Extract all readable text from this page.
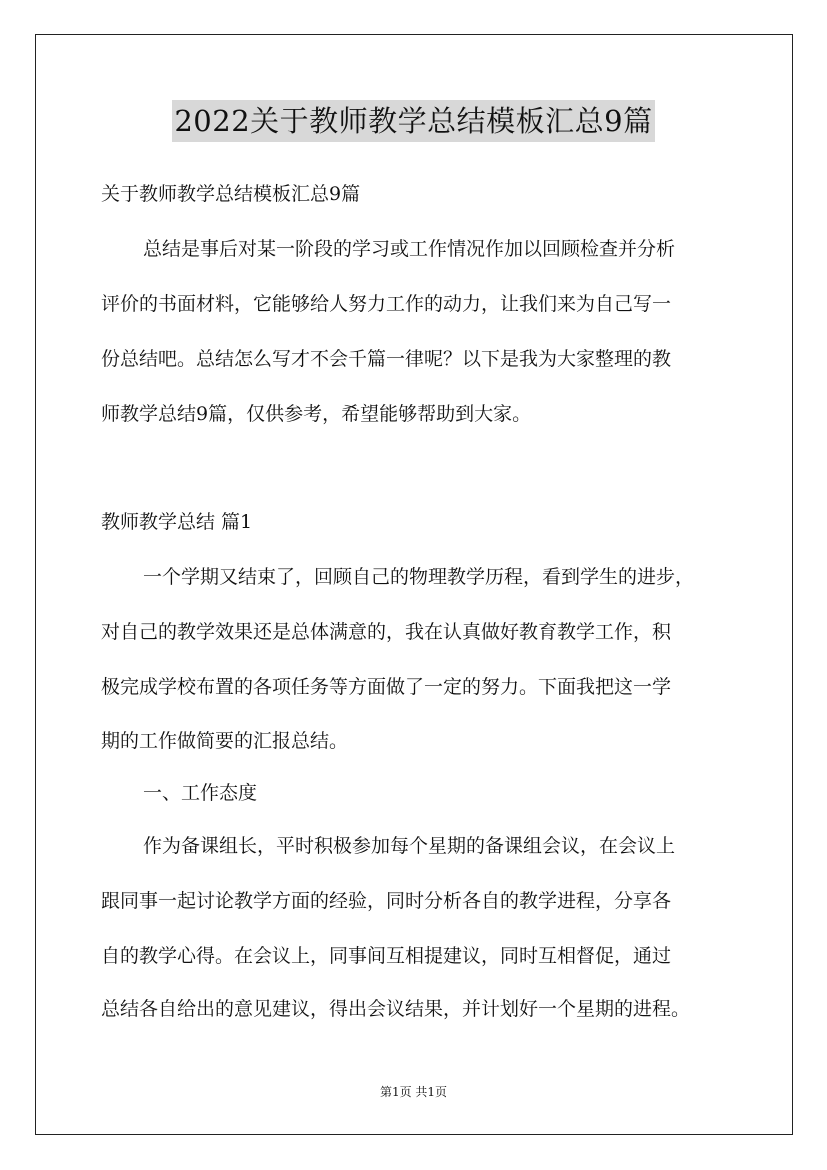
2022关于教师教学总结模板汇总9篇
关于教师教学总结模板汇总9篇
总结是事后对某一阶段的学习或工作情况作加以回顾检查并分析
评价的书面材料，它能够给人努力工作的动力，让我们来为自己写一
份总结吧。总结怎么写才不会千篇一律呢？以下是我为大家整理的教
师教学总结9篇，仅供参考，希望能够帮助到大家。
教师教学总结 篇1
一个学期又结束了，回顾自己的物理教学历程，看到学生的进步，
对自己的教学效果还是总体满意的，我在认真做好教育教学工作，积
极完成学校布置的各项任务等方面做了一定的努力。下面我把这一学
期的工作做简要的汇报总结。
一、工作态度
作为备课组长，平时积极参加每个星期的备课组会议，在会议上
跟同事一起讨论教学方面的经验，同时分析各自的教学进程，分享各
自的教学心得。在会议上，同事间互相提建议，同时互相督促，通过
总结各自给出的意见建议，得出会议结果，并计划好一个星期的进程。
第1页 共1页
